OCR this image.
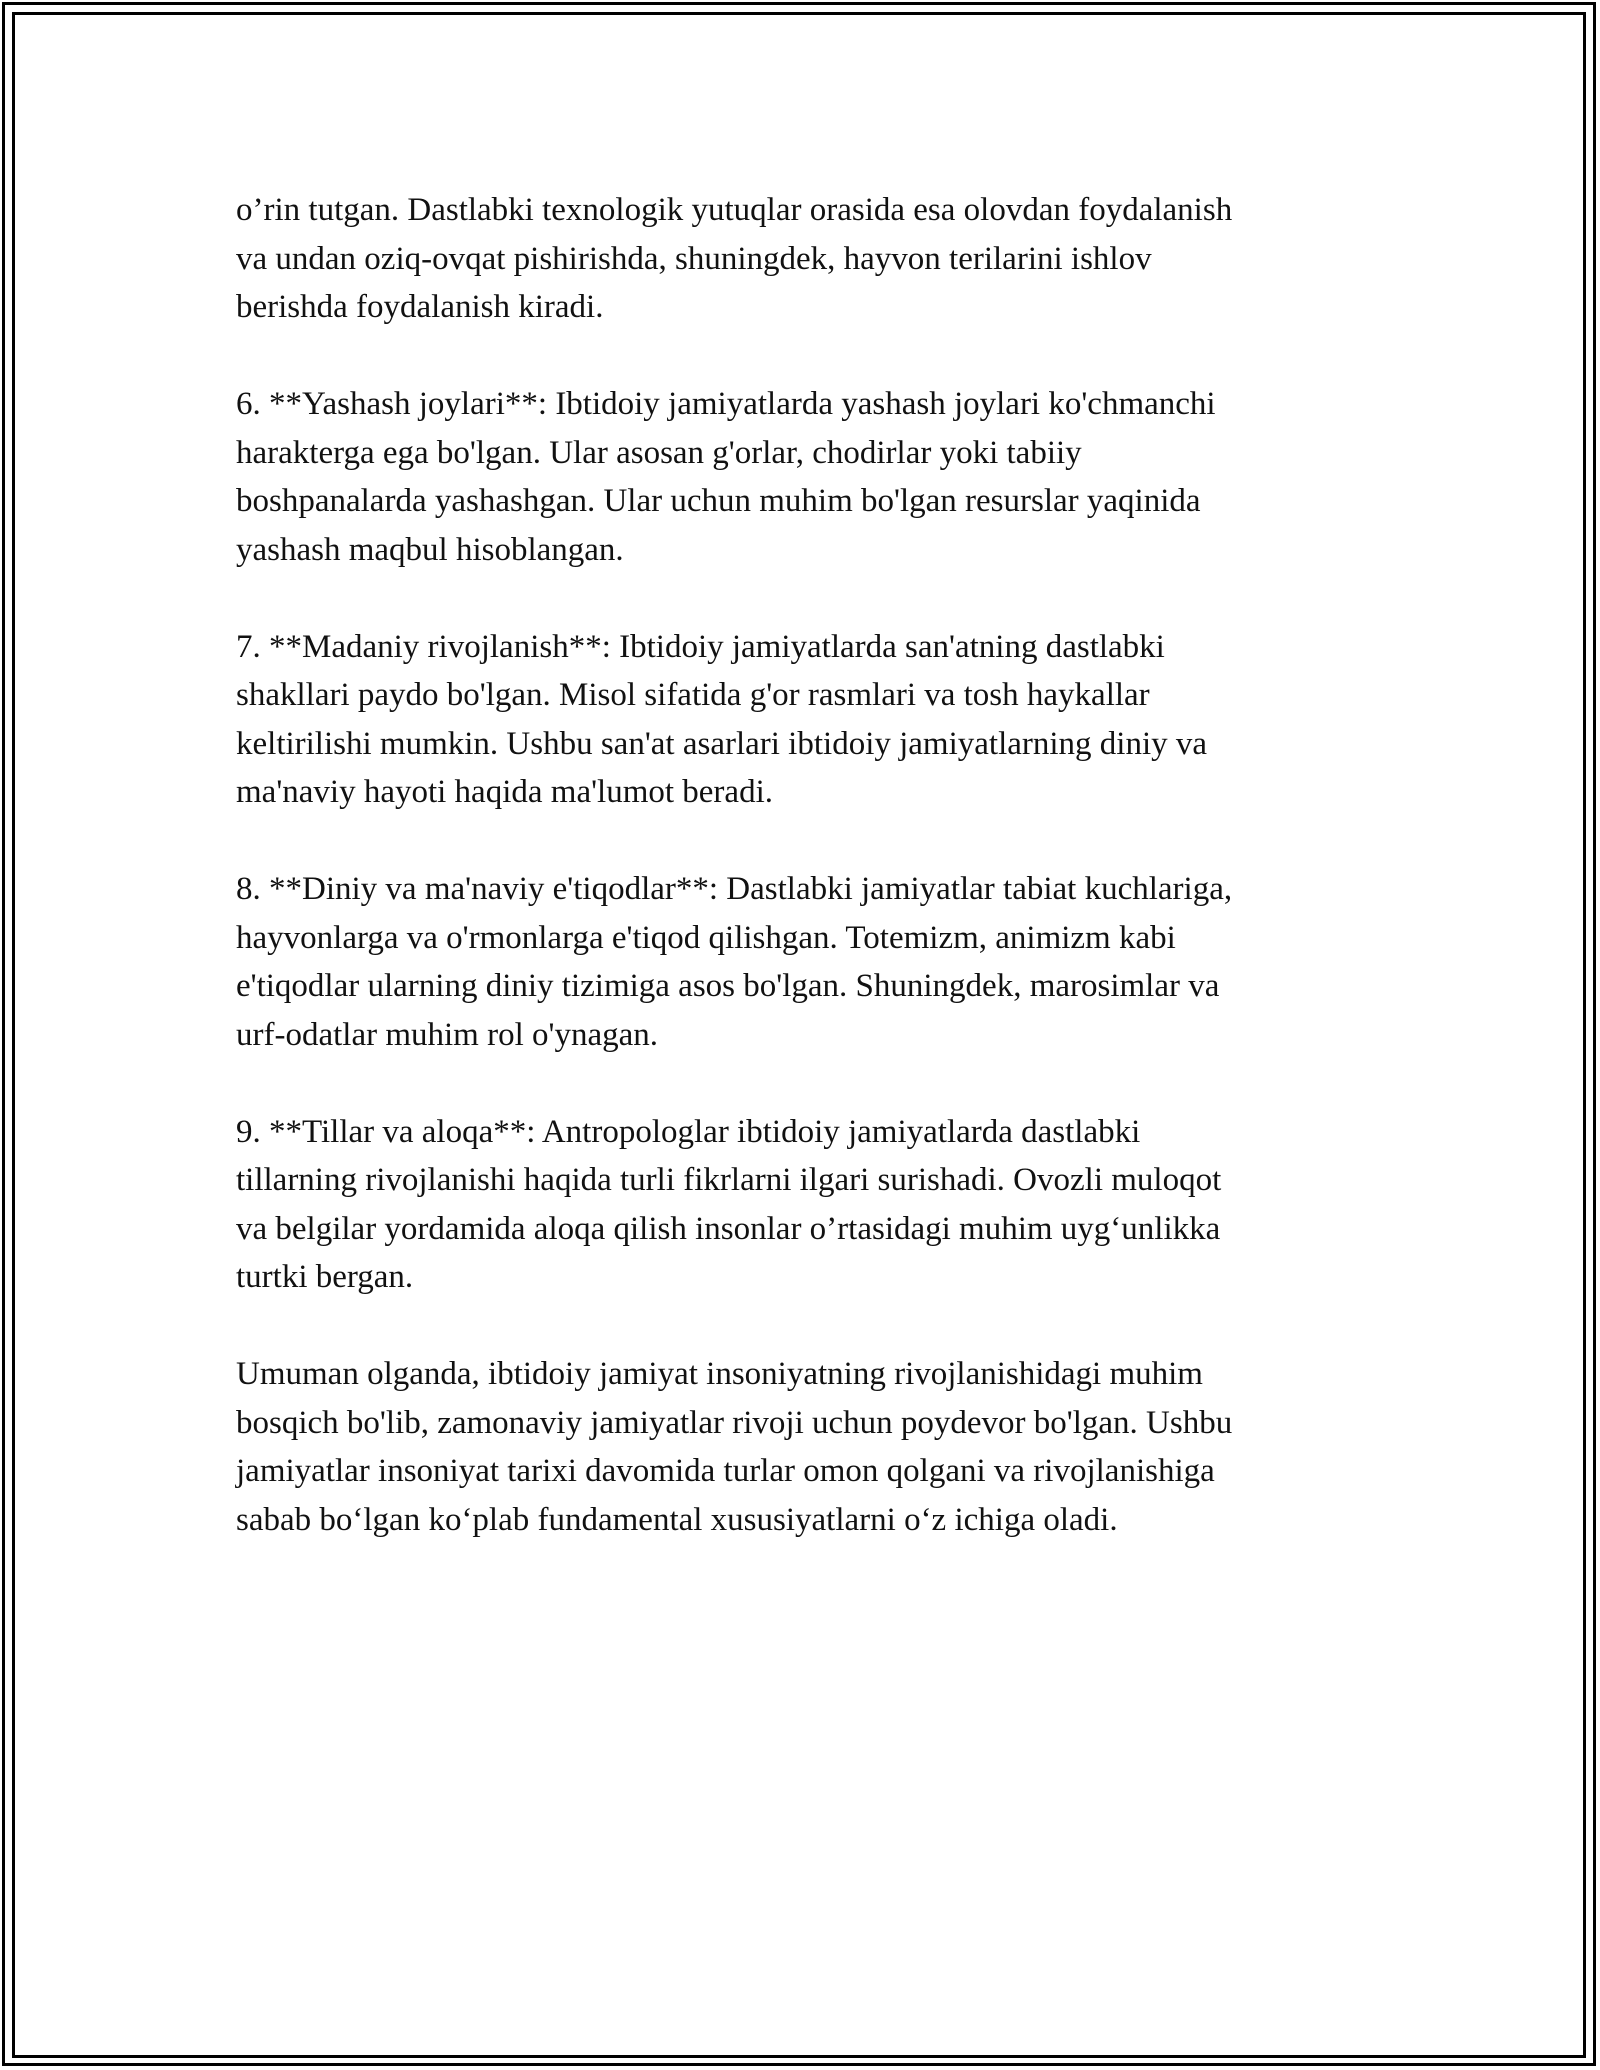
o’rin tutgan. Dastlabki texnologik yutuqlar orasida esa olovdan foydalanish
va undan oziq-ovqat pishirishda, shuningdek, hayvon terilarini ishlov
berishda foydalanish kiradi.

6. **Yashash joylari**: Ibtidoiy jamiyatlarda yashash joylari ko'chmanchi
harakterga ega bo'lgan. Ular asosan g'orlar, chodirlar yoki tabiiy
boshpanalarda yashashgan. Ular uchun muhim bo'lgan resurslar yaqinida
yashash maqbul hisoblangan.

7. **Madaniy rivojlanish**: Ibtidoiy jamiyatlarda san'atning dastlabki
shakllari paydo bo'lgan. Misol sifatida g'or rasmlari va tosh haykallar
keltirilishi mumkin. Ushbu san'at asarlari ibtidoiy jamiyatlarning diniy va
ma'naviy hayoti haqida ma'lumot beradi.

8. **Diniy va ma'naviy e'tiqodlar**: Dastlabki jamiyatlar tabiat kuchlariga,
hayvonlarga va o'rmonlarga e'tiqod qilishgan. Totemizm, animizm kabi
e'tiqodlar ularning diniy tizimiga asos bo'lgan. Shuningdek, marosimlar va
urf-odatlar muhim rol o'ynagan.

9. **Tillar va aloqa**: Antropologlar ibtidoiy jamiyatlarda dastlabki
tillarning rivojlanishi haqida turli fikrlarni ilgari surishadi. Ovozli muloqot
va belgilar yordamida aloqa qilish insonlar o’rtasidagi muhim uyg‘unlikka
turtki bergan.

Umuman olganda, ibtidoiy jamiyat insoniyatning rivojlanishidagi muhim
bosqich bo'lib, zamonaviy jamiyatlar rivoji uchun poydevor bo'lgan. Ushbu
jamiyatlar insoniyat tarixi davomida turlar omon qolgani va rivojlanishiga
sabab bo‘lgan ko‘plab fundamental xususiyatlarni o‘z ichiga oladi.
